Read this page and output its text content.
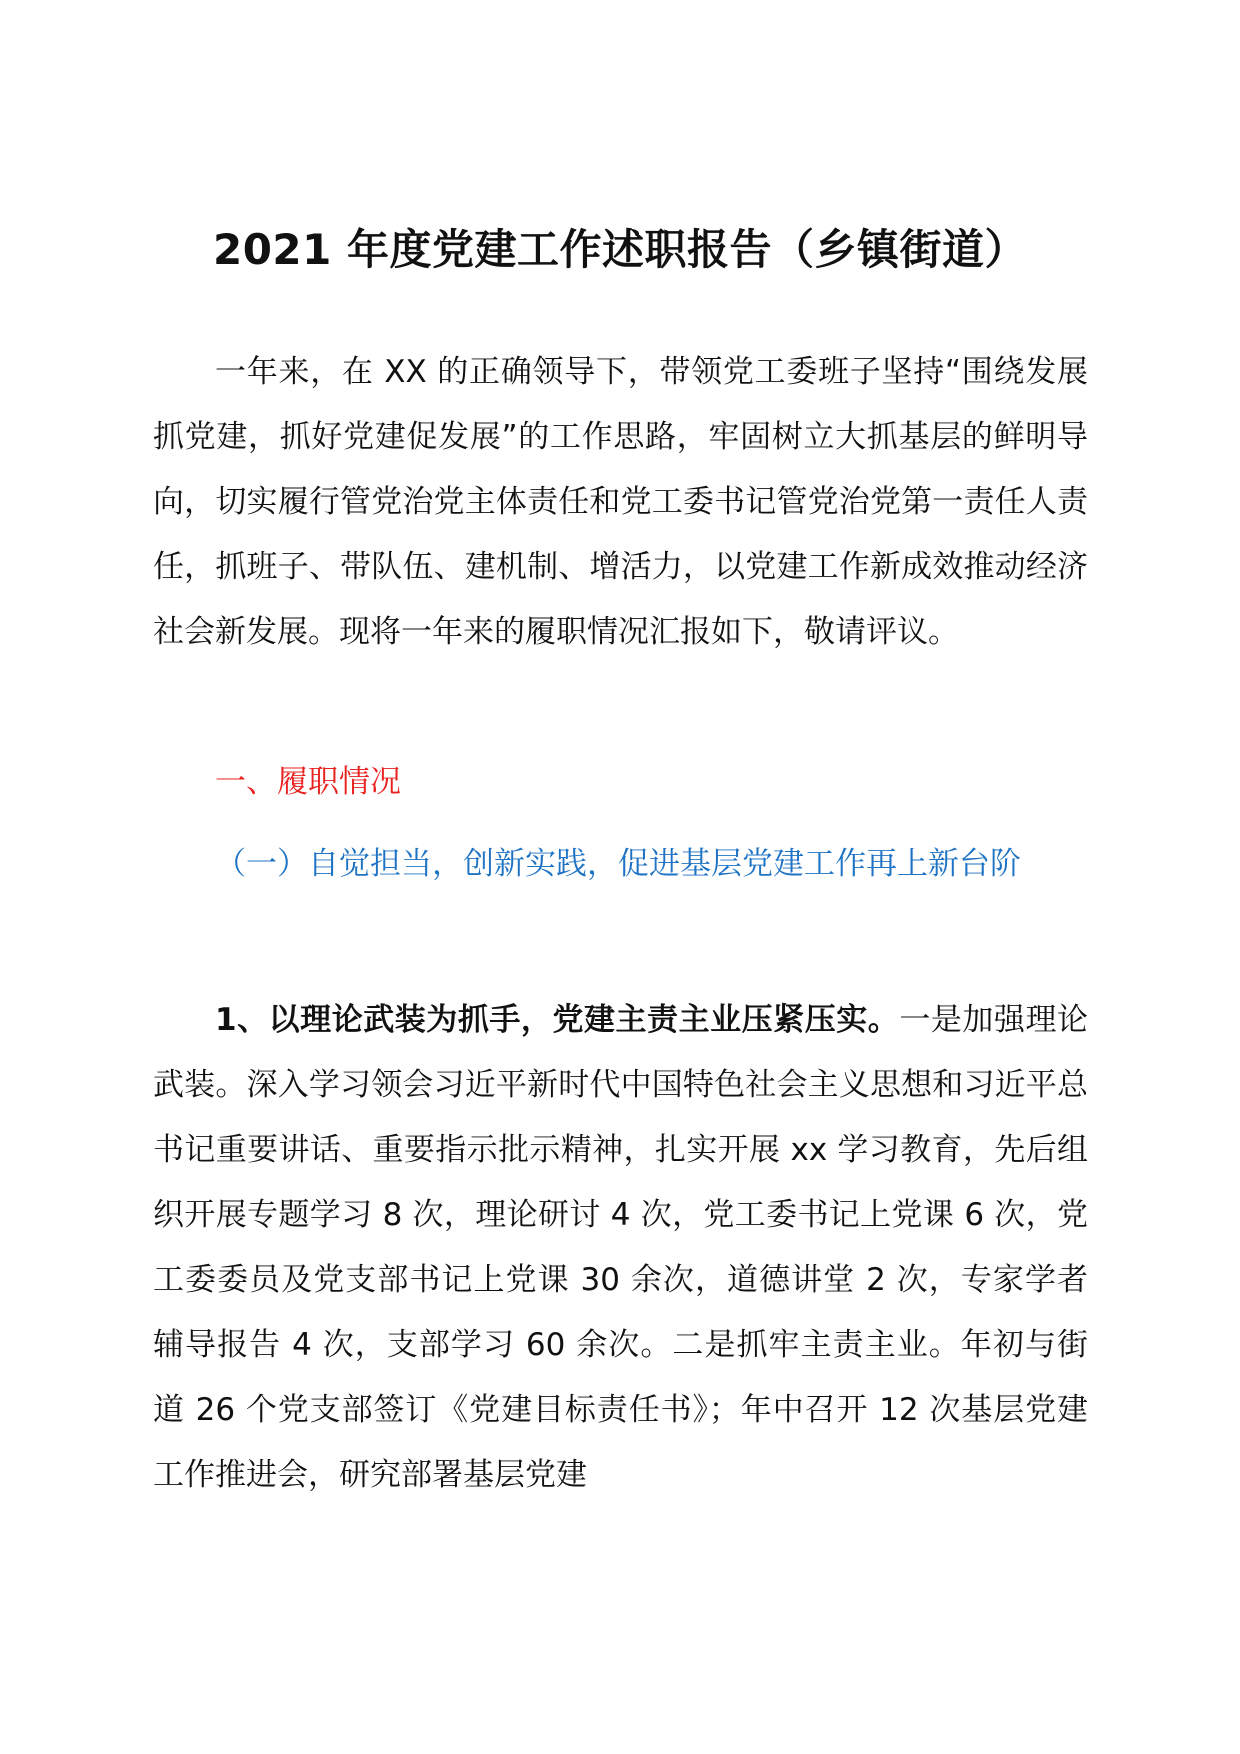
2021 年度党建工作述职报告（乡镇街道）

一年来，在 XX 的正确领导下，带领党工委班子坚持“围绕发展抓党建，抓好党建促发展”的工作思路，牢固树立大抓基层的鲜明导向，切实履行管党治党主体责任和党工委书记管党治党第一责任人责任，抓班子、带队伍、建机制、增活力，以党建工作新成效推动经济社会新发展。现将一年来的履职情况汇报如下，敬请评议。

一、履职情况

（一）自觉担当，创新实践，促进基层党建工作再上新台阶

1、以理论武装为抓手，党建主责主业压紧压实。一是加强理论武装。深入学习领会习近平新时代中国特色社会主义思想和习近平总书记重要讲话、重要指示批示精神，扎实开展 xx 学习教育，先后组织开展专题学习 8 次，理论研讨 4 次，党工委书记上党课 6 次，党工委委员及党支部书记上党课 30 余次，道德讲堂 2 次，专家学者辅导报告 4 次，支部学习 60 余次。二是抓牢主责主业。年初与街道 26 个党支部签订《党建目标责任书》；年中召开 12 次基层党建工作推进会，研究部署基层党建
